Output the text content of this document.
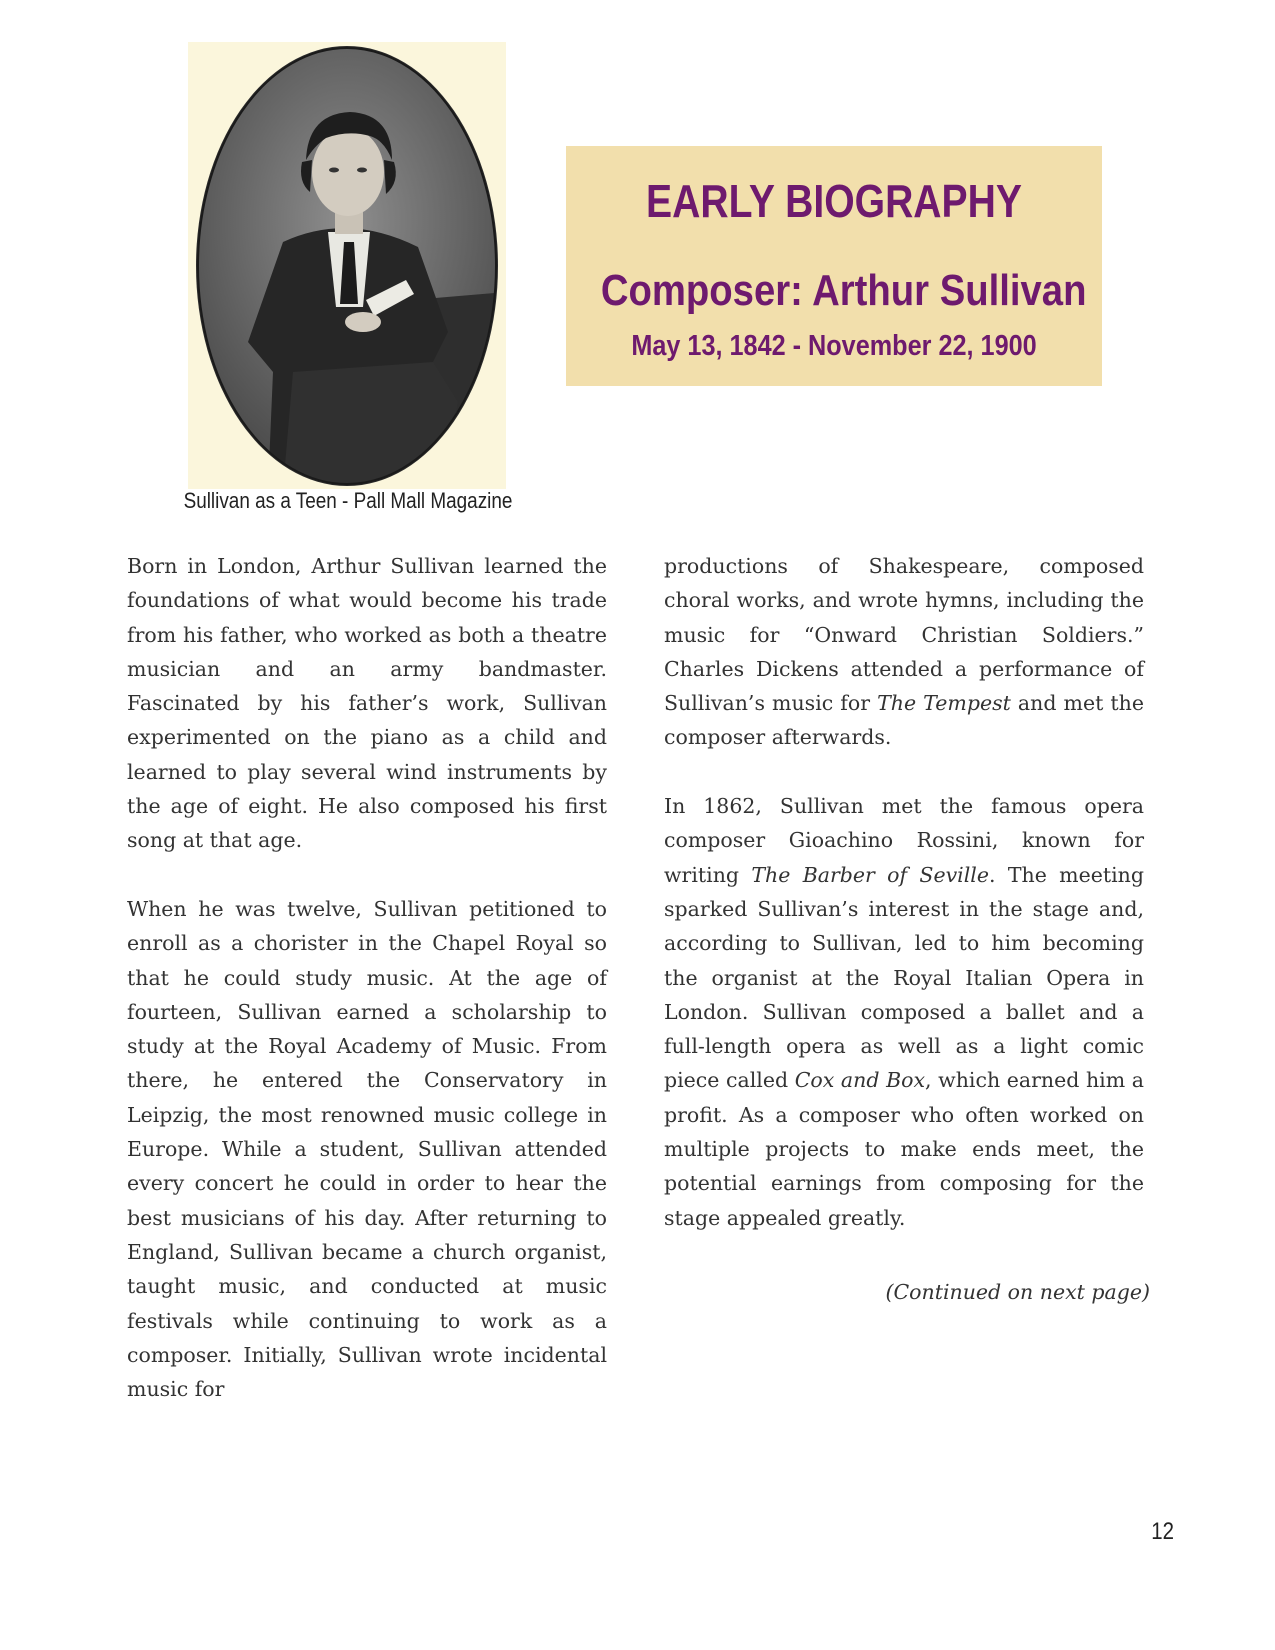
Sullivan as a Teen - Pall Mall Magazine
EARLY BIOGRAPHY
Composer: Arthur Sullivan
May 13, 1842 - November 22, 1900

Born in London, Arthur Sullivan learned the foundations of what would become his trade from his father, who worked as both a theatre musician and an army bandmaster. Fascinated by his father’s work, Sullivan experimented on the piano as a child and learned to play several wind instruments by the age of eight. He also composed his first song at that age.

When he was twelve, Sullivan petitioned to enroll as a chorister in the Chapel Royal so that he could study music. At the age of fourteen, Sullivan earned a scholarship to study at the Royal Academy of Music. From there, he entered the Conservatory in Leipzig, the most renowned music college in Europe. While a student, Sullivan attended every concert he could in order to hear the best musicians of his day. After returning to England, Sullivan became a church organist, taught music, and conducted at music festivals while continuing to work as a composer. Initially, Sullivan wrote incidental music for

productions of Shakespeare, composed choral works, and wrote hymns, including the music for “Onward Christian Soldiers.” Charles Dickens attended a performance of Sullivan’s music for The Tempest and met the composer afterwards.

In 1862, Sullivan met the famous opera composer Gioachino Rossini, known for writing The Barber of Seville. The meeting sparked Sullivan’s interest in the stage and, according to Sullivan, led to him becoming the organist at the Royal Italian Opera in London. Sullivan composed a ballet and a full-length opera as well as a light comic piece called Cox and Box, which earned him a profit. As a composer who often worked on multiple projects to make ends meet, the potential earnings from composing for the stage appealed greatly.

(Continued on next page)
12
